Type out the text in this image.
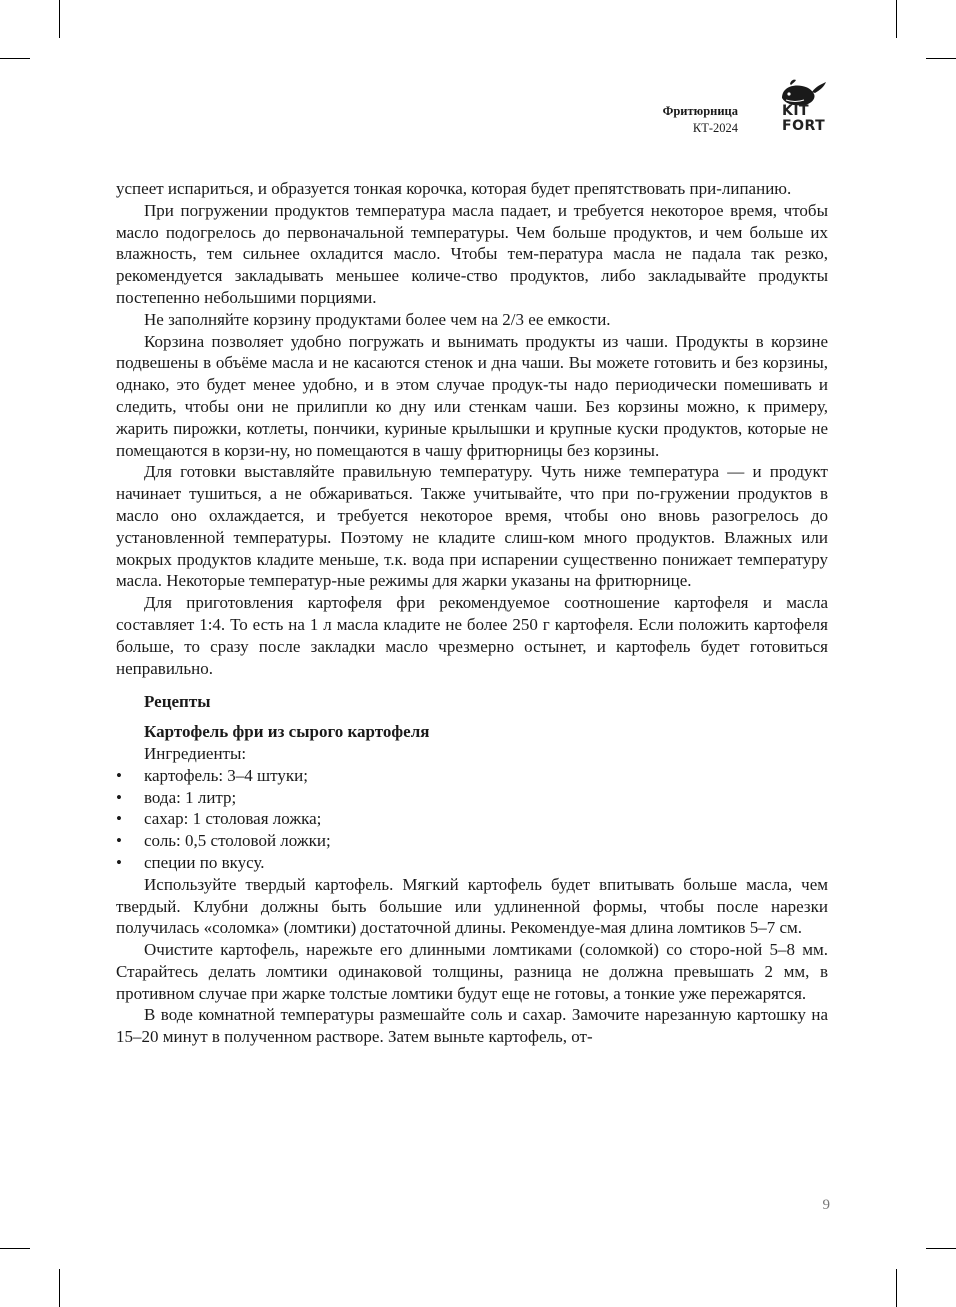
Фритюрница
КТ-2024
KIT
FORT

успеет испариться, и образуется тонкая корочка, которая будет препятствовать при-липанию.

При погружении продуктов температура масла падает, и требуется некоторое время, чтобы масло подогрелось до первоначальной температуры. Чем больше продуктов, и чем больше их влажность, тем сильнее охладится масло. Чтобы тем-пература масла не падала так резко, рекомендуется закладывать меньшее количе-ство продуктов, либо закладывайте продукты постепенно небольшими порциями.

Не заполняйте корзину продуктами более чем на 2/3 ее емкости.

Корзина позволяет удобно погружать и вынимать продукты из чаши. Продукты в корзине подвешены в объёме масла и не касаются стенок и дна чаши. Вы можете готовить и без корзины, однако, это будет менее удобно, и в этом случае продук-ты надо периодически помешивать и следить, чтобы они не прилипли ко дну или стенкам чаши. Без корзины можно, к примеру, жарить пирожки, котлеты, пончики, куриные крылышки и крупные куски продуктов, которые не помещаются в корзи-ну, но помещаются в чашу фритюрницы без корзины.

Для готовки выставляйте правильную температуру. Чуть ниже температура — и продукт начинает тушиться, а не обжариваться. Также учитывайте, что при по-гружении продуктов в масло оно охлаждается, и требуется некоторое время, чтобы оно вновь разогрелось до установленной температуры. Поэтому не кладите слиш-ком много продуктов. Влажных или мокрых продуктов кладите меньше, т.к. вода при испарении существенно понижает температуру масла. Некоторые температур-ные режимы для жарки указаны на фритюрнице.

Для приготовления картофеля фри рекомендуемое соотношение картофеля и масла составляет 1:4. То есть на 1 л масла кладите не более 250 г картофеля. Если положить картофеля больше, то сразу после закладки масло чрезмерно остынет, и картофель будет готовиться неправильно.

Рецепты
Картофель фри из сырого картофеля
Ингредиенты:
• картофель: 3–4 штуки;
• вода: 1 литр;
• сахар: 1 столовая ложка;
• соль: 0,5 столовой ложки;
• специи по вкусу.

Используйте твердый картофель. Мягкий картофель будет впитывать больше масла, чем твердый. Клубни должны быть большие или удлиненной формы, чтобы после нарезки получилась «соломка» (ломтики) достаточной длины. Рекомендуе-мая длина ломтиков 5–7 см.

Очистите картофель, нарежьте его длинными ломтиками (соломкой) со сторо-ной 5–8 мм. Старайтесь делать ломтики одинаковой толщины, разница не должна превышать 2 мм, в противном случае при жарке толстые ломтики будут еще не готовы, а тонкие уже пережарятся.

В воде комнатной температуры размешайте соль и сахар. Замочите нарезанную картошку на 15–20 минут в полученном растворе. Затем выньте картофель, от-

9
